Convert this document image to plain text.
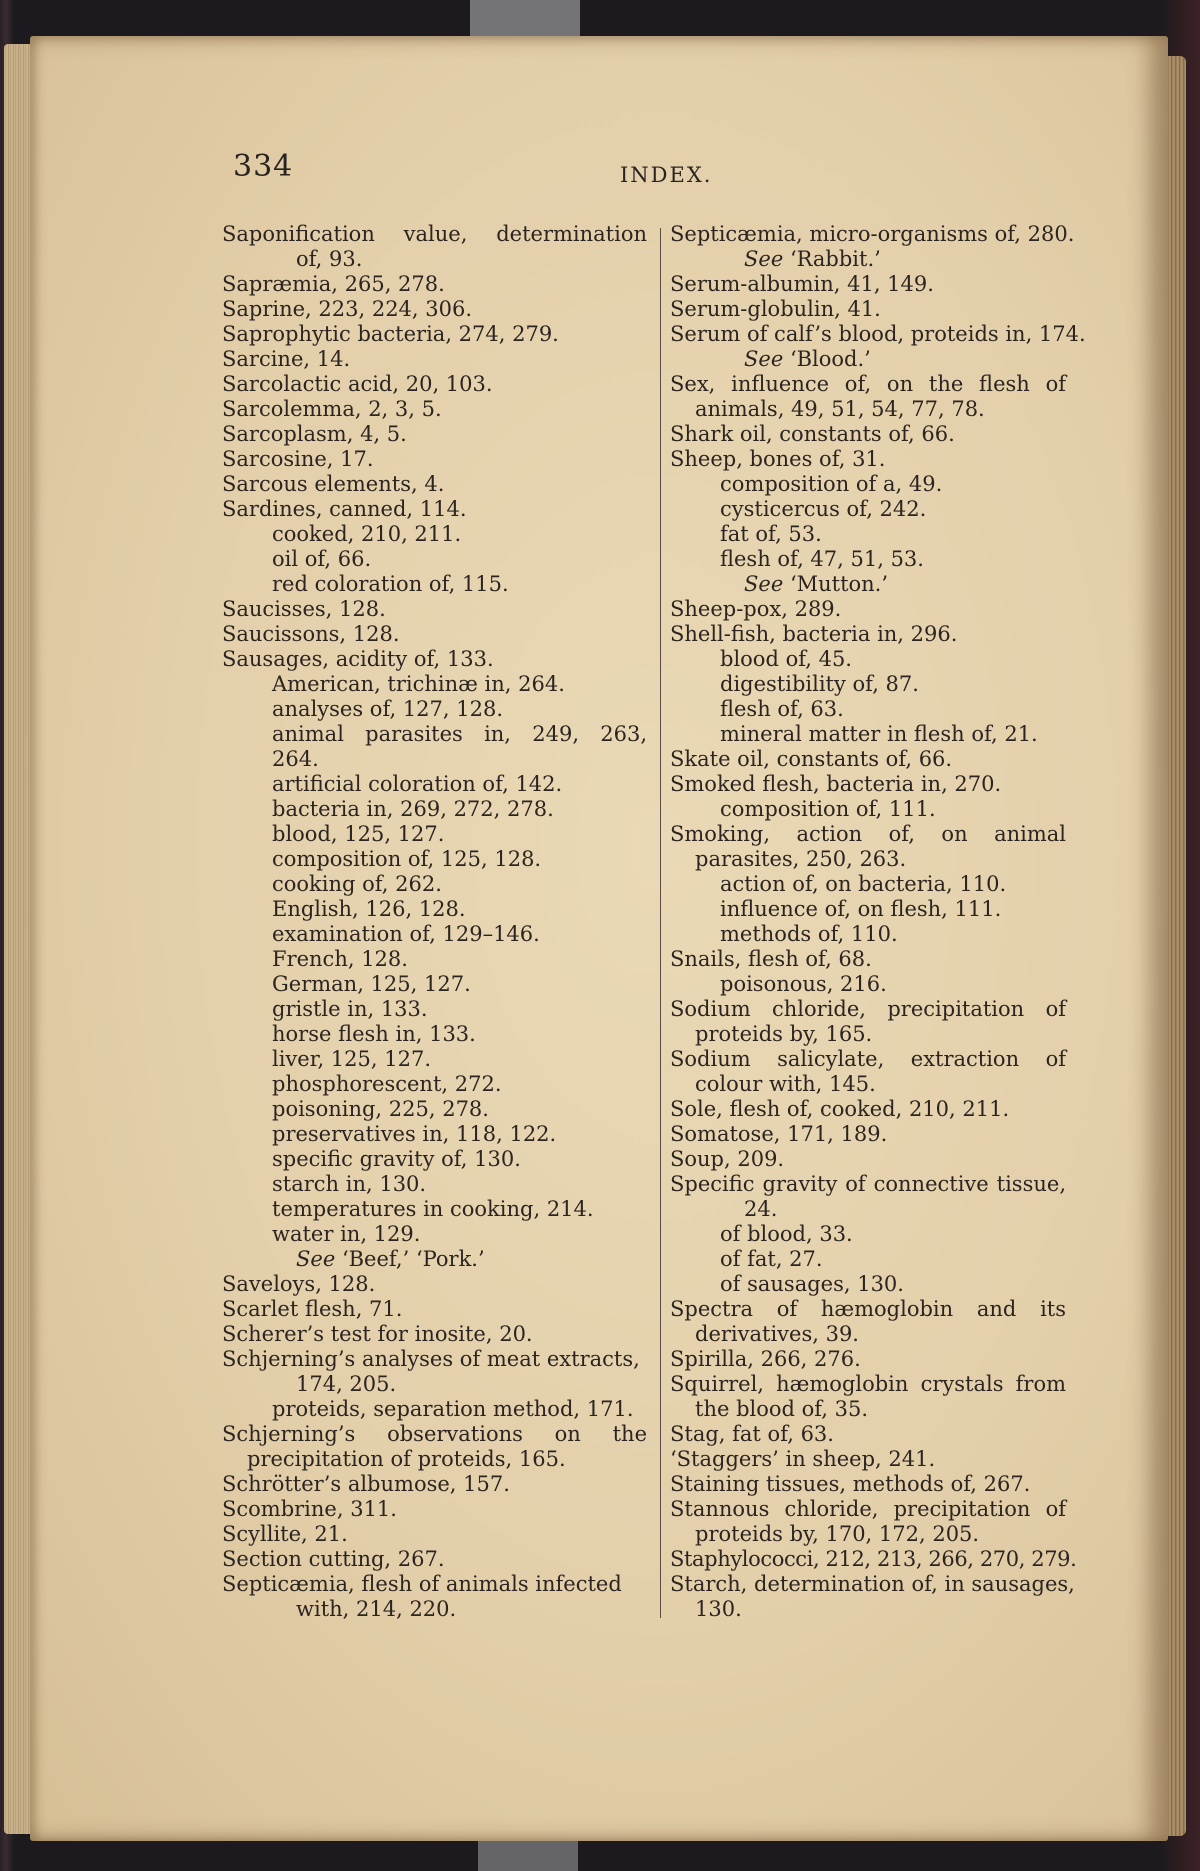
334	INDEX.
Saponification value, determination
of, 93.
Sapræmia, 265, 278.
Saprine, 223, 224, 306.
Saprophytic bacteria, 274, 279.
Sarcine, 14.
Sarcolactic acid, 20, 103.
Sarcolemma, 2, 3, 5.
Sarcoplasm, 4, 5.
Sarcosine, 17.
Sarcous elements, 4.
Sardines, canned, 114.
cooked, 210, 211.
oil of, 66.
red coloration of, 115.
Saucisses, 128.
Saucissons, 128.
Sausages, acidity of, 133.
American, trichinæ in, 264.
analyses of, 127, 128.
animal parasites in, 249, 263,
264.
artificial coloration of, 142.
bacteria in, 269, 272, 278.
blood, 125, 127.
composition of, 125, 128.
cooking of, 262.
English, 126, 128.
examination of, 129–146.
French, 128.
German, 125, 127.
gristle in, 133.
horse flesh in, 133.
liver, 125, 127.
phosphorescent, 272.
poisoning, 225, 278.
preservatives in, 118, 122.
specific gravity of, 130.
starch in, 130.
temperatures in cooking, 214.
water in, 129.
See ‘Beef,’ ‘Pork.’
Saveloys, 128.
Scarlet flesh, 71.
Scherer’s test for inosite, 20.
Schjerning’s analyses of meat extracts,
174, 205.
proteids, separation method, 171.
Schjerning’s observations on the
precipitation of proteids, 165.
Schrötter’s albumose, 157.
Scombrine, 311.
Scyllite, 21.
Section cutting, 267.
Septicæmia, flesh of animals infected
with, 214, 220.
Septicæmia, micro-organisms of, 280.
See ‘Rabbit.’
Serum-albumin, 41, 149.
Serum-globulin, 41.
Serum of calf’s blood, proteids in, 174.
See ‘Blood.’
Sex, influence of, on the flesh of
animals, 49, 51, 54, 77, 78.
Shark oil, constants of, 66.
Sheep, bones of, 31.
composition of a, 49.
cysticercus of, 242.
fat of, 53.
flesh of, 47, 51, 53.
See ‘Mutton.’
Sheep-pox, 289.
Shell-fish, bacteria in, 296.
blood of, 45.
digestibility of, 87.
flesh of, 63.
mineral matter in flesh of, 21.
Skate oil, constants of, 66.
Smoked flesh, bacteria in, 270.
composition of, 111.
Smoking, action of, on animal
parasites, 250, 263.
action of, on bacteria, 110.
influence of, on flesh, 111.
methods of, 110.
Snails, flesh of, 68.
poisonous, 216.
Sodium chloride, precipitation of
proteids by, 165.
Sodium salicylate, extraction of
colour with, 145.
Sole, flesh of, cooked, 210, 211.
Somatose, 171, 189.
Soup, 209.
Specific gravity of connective tissue,
24.
of blood, 33.
of fat, 27.
of sausages, 130.
Spectra of hæmoglobin and its
derivatives, 39.
Spirilla, 266, 276.
Squirrel, hæmoglobin crystals from
the blood of, 35.
Stag, fat of, 63.
‘Staggers’ in sheep, 241.
Staining tissues, methods of, 267.
Stannous chloride, precipitation of
proteids by, 170, 172, 205.
Staphylococci, 212, 213, 266, 270, 279.
Starch, determination of, in sausages,
130.
